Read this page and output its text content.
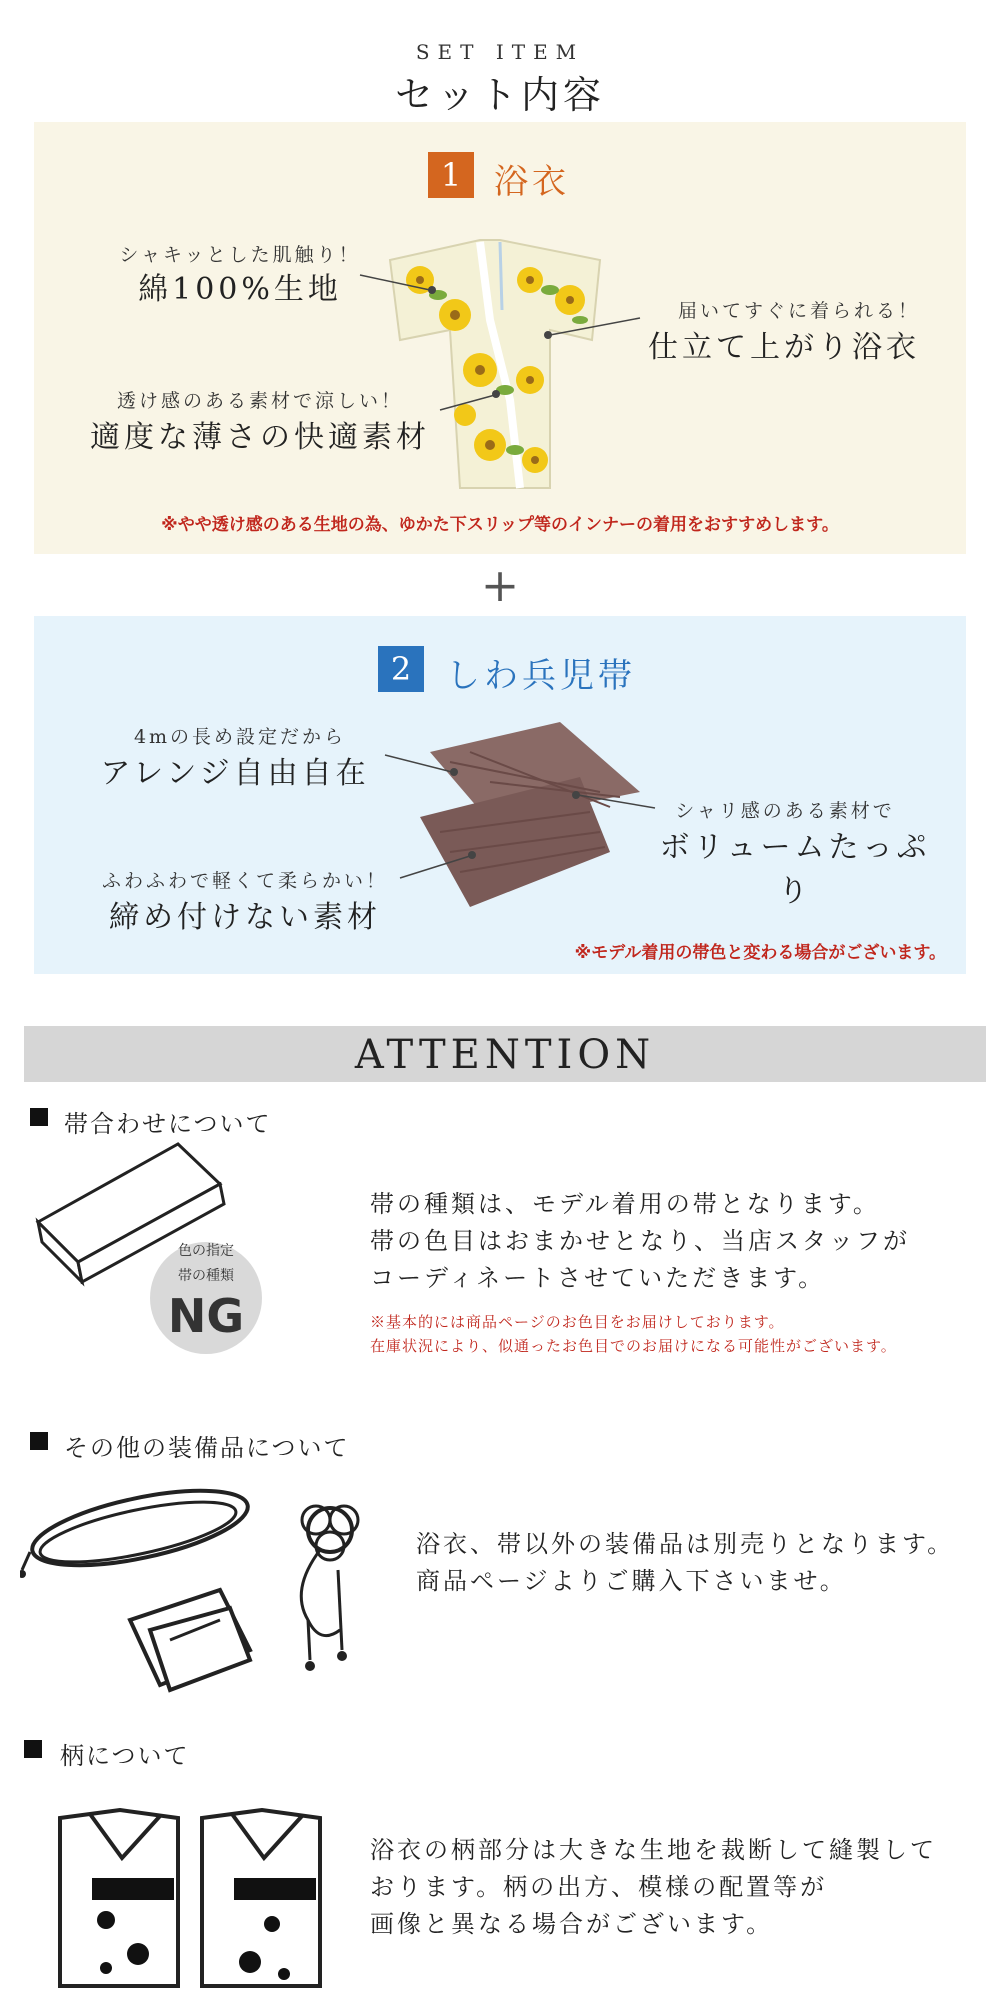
SET ITEM
セット内容
1 浴衣
シャキッとした肌触り！
綿100%生地
届いてすぐに着られる！
仕立て上がり浴衣
透け感のある素材で涼しい！
適度な薄さの快適素材
※やや透け感のある生地の為、ゆかた下スリップ等のインナーの着用をおすすめします。
+
2	しわ兵児帯
4mの長め設定だから
アレンジ自由自在
シャリ感のある素材で
ボリュームたっぷり
ふわふわで軽くて柔らかい！
締め付けない素材
※モデル着用の帯色と変わる場合がございます。
ATTENTION
帯合わせについて
色の指定
帯の種類
NG
帯の種類は、モデル着用の帯となります。
帯の色目はおまかせとなり、当店スタッフが
コーディネートさせていただきます。
※基本的には商品ページのお色目をお届けしております。
在庫状況により、似通ったお色目でのお届けになる可能性がございます。
その他の装備品について
浴衣、帯以外の装備品は別売りとなります。
商品ページよりご購入下さいませ。
柄について
浴衣の柄部分は大きな生地を裁断して縫製して
おります。柄の出方、模様の配置等が
画像と異なる場合がございます。
